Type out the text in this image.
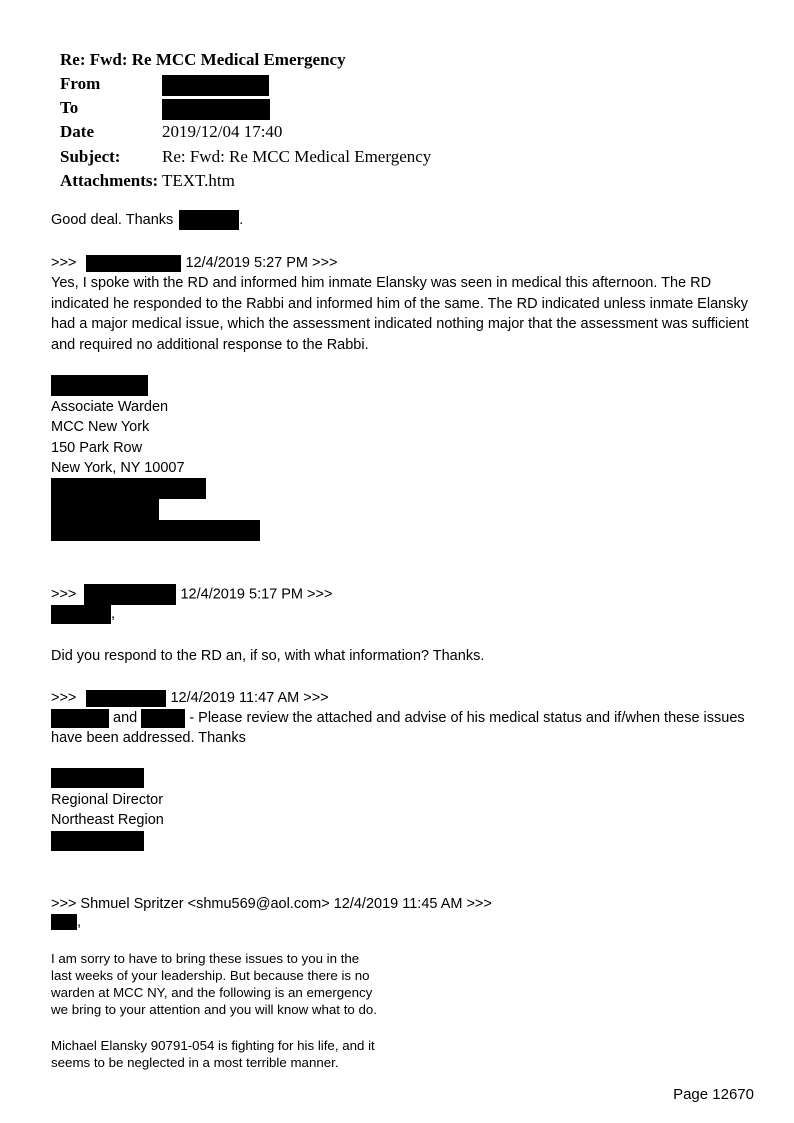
Re: Fwd: Re MCC Medical Emergency
From
To
Date	2019/12/04 17:40
Subject: Re: Fwd: Re MCC Medical Emergency
Attachments: TEXT.htm
Good deal. Thanks	.
>>>	12/4/2019 5:27 PM >>>
Yes, I spoke with the RD and informed him inmate Elansky was seen in medical this afternoon. The RD indicated he responded to the Rabbi and informed him of the same. The RD indicated unless inmate Elansky had a major medical issue, which the assessment indicated nothing major that the assessment was sufficient and required no additional response to the Rabbi.
Associate Warden
MCC New York
150 Park Row
New York, NY 10007
>>>	12/4/2019 5:17 PM >>>
,
Did you respond to the RD an, if so, with what information? Thanks.
>>>	12/4/2019 11:47 AM >>>
and	- Please review the attached and advise of his medical status and if/when these issues
have been addressed. Thanks
Regional Director
Northeast Region
>>> Shmuel Spritzer <shmu569@aol.com> 12/4/2019 11:45 AM >>>
,
I am sorry to have to bring these issues to you in the
last weeks of your leadership. But because there is no
warden at MCC NY, and the following is an emergency
we bring to your attention and you will know what to do.
Michael Elansky 90791-054 is fighting for his life, and it
seems to be neglected in a most terrible manner.
Page 12670
